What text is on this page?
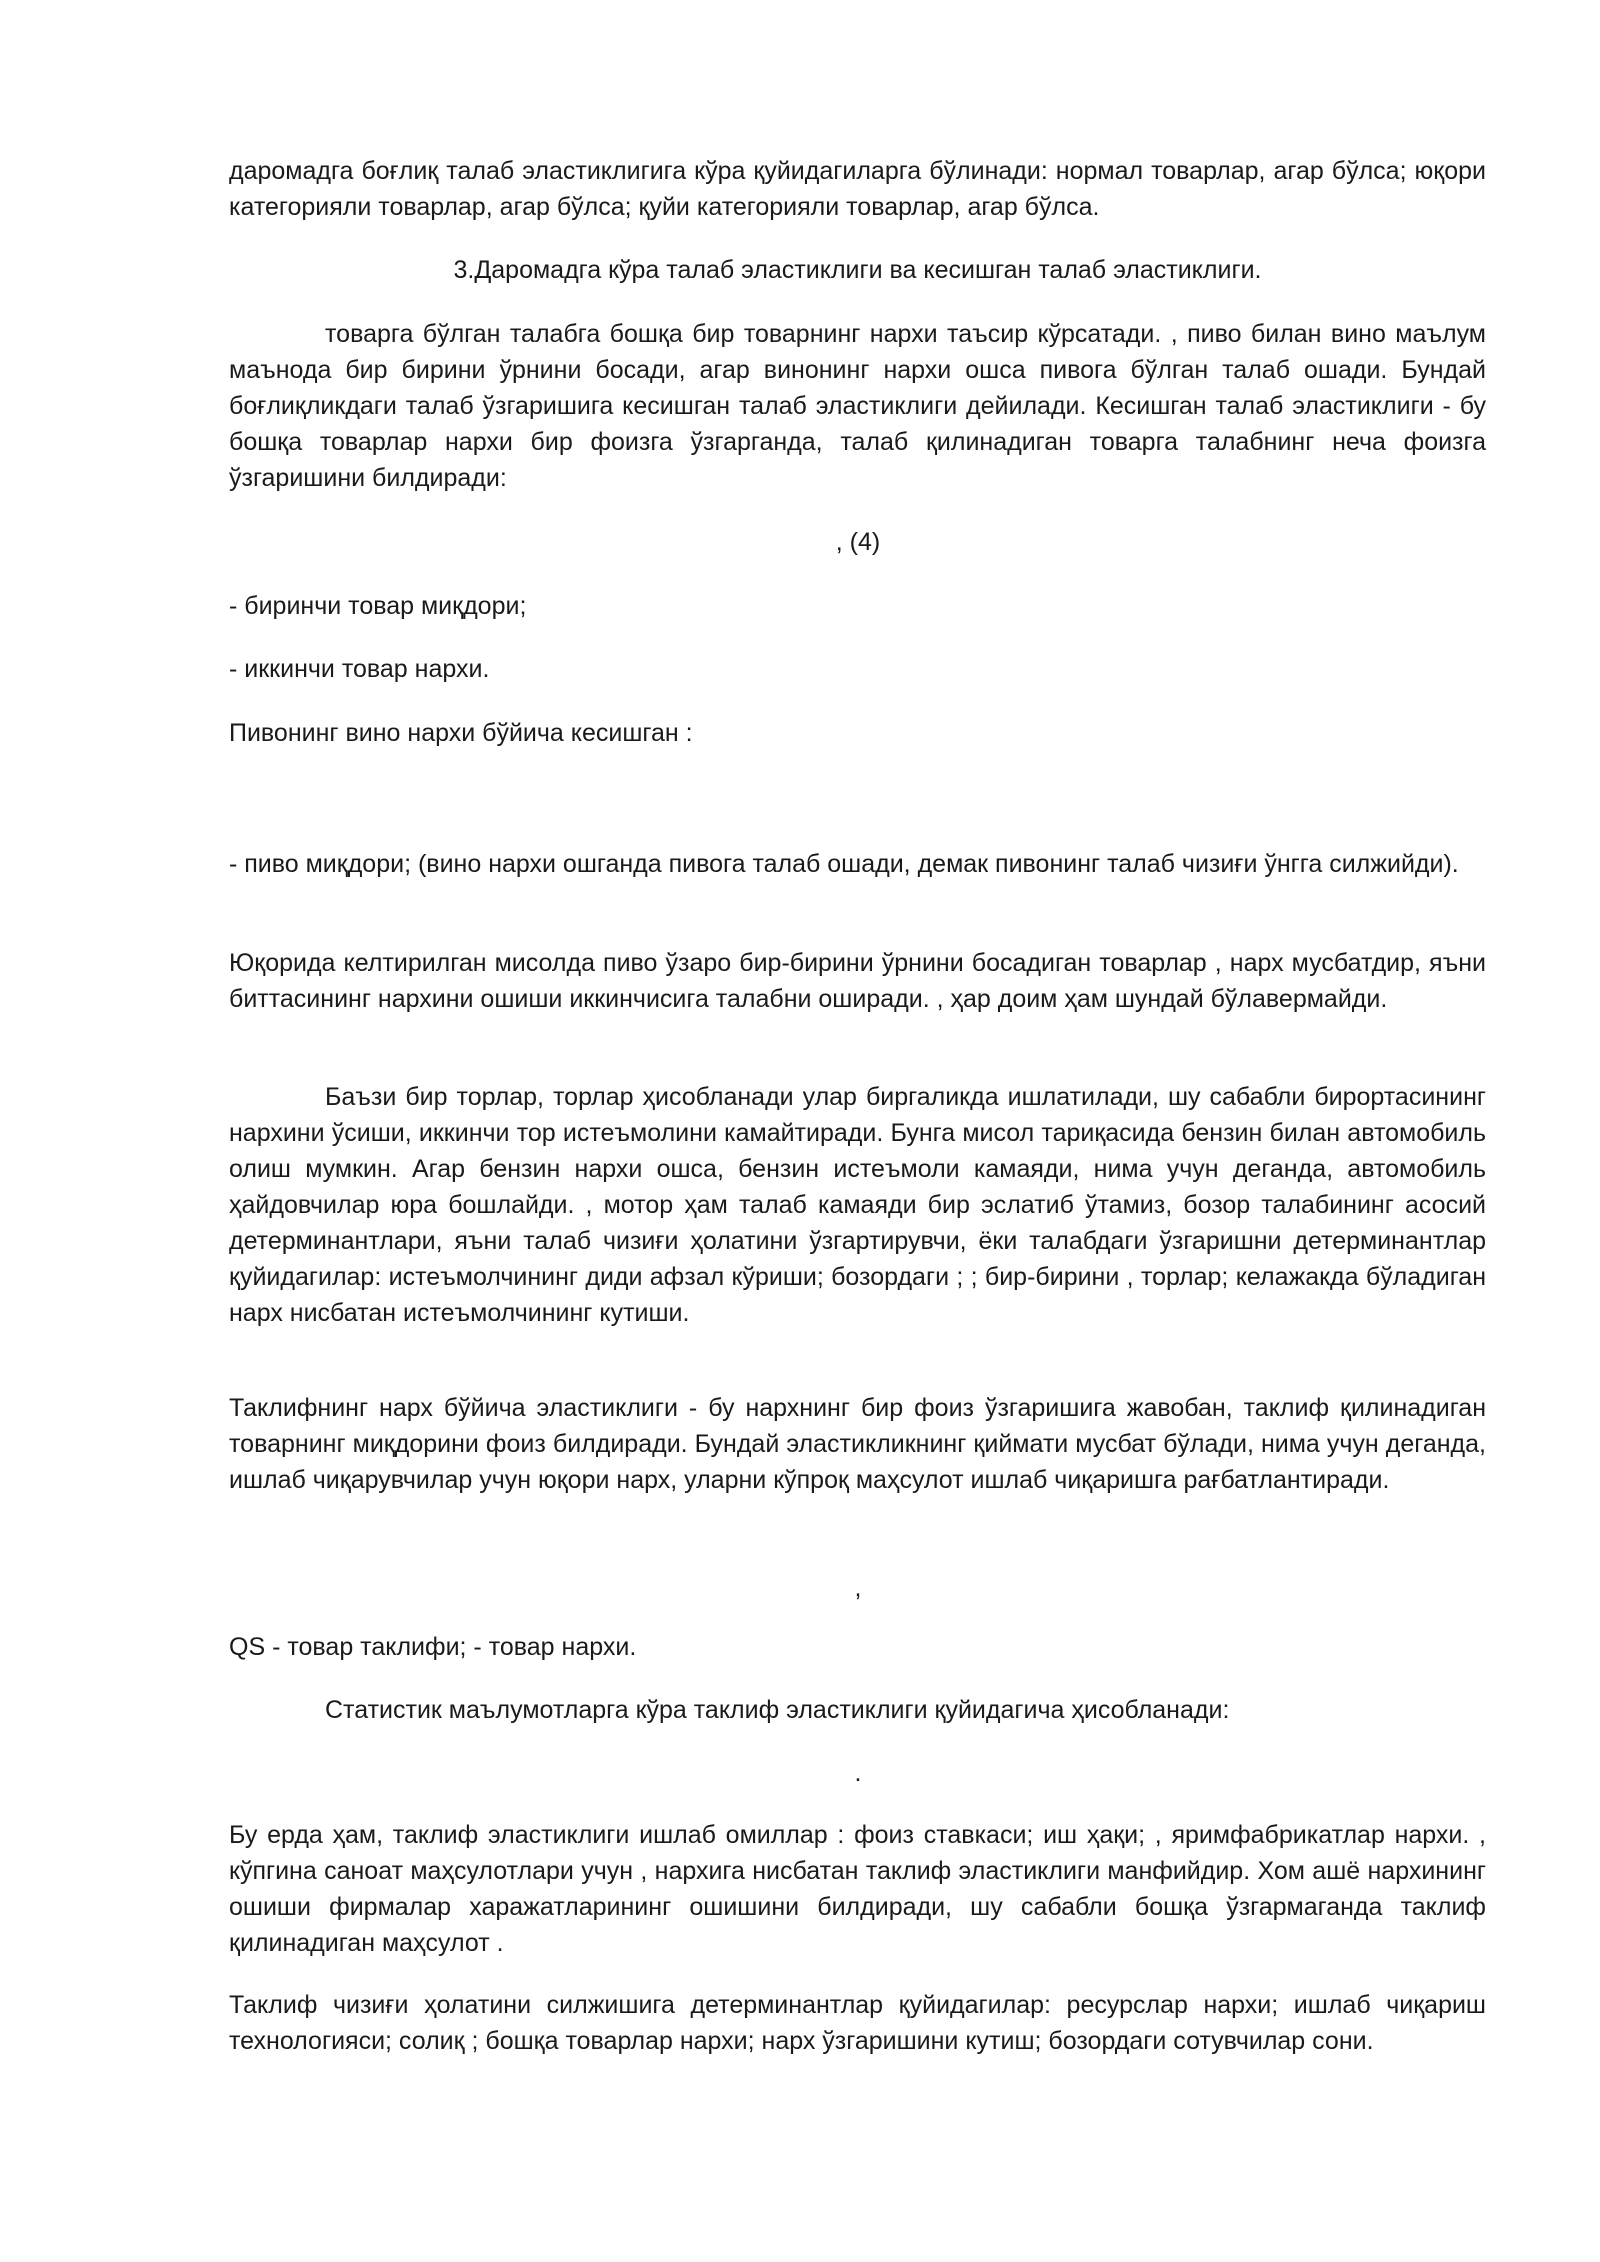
даромадга боғлиқ талаб эластиклигига кўра қуйидагиларга бўлинади: нормал товарлар, агар бўлса; юқори категорияли товарлар, агар бўлса; қуйи категорияли товарлар, агар бўлса.

3.Даромадга кўра талаб эластиклиги ва кесишган талаб эластиклиги.

товарга бўлган талабга бошқа бир товарнинг нархи таъсир кўрсатади. , пиво билан вино маълум маънода бир бирини ўрнини босади, агар винонинг нархи ошса пивога бўлган талаб ошади. Бундай боғлиқликдаги талаб ўзгаришига кесишган талаб эластиклиги дейилади. Кесишган талаб эластиклиги - бу бошқа товарлар нархи бир фоизга ўзгарганда, талаб қилинадиган товарга талабнинг неча фоизга ўзгаришини билдиради:

, (4)

- биринчи товар миқдори;

- иккинчи товар нархи.

Пивонинг вино нархи бўйича кесишган :

- пиво миқдори; (вино нархи ошганда пивога талаб ошади, демак пивонинг талаб чизиғи ўнгга силжийди).

Юқорида келтирилган мисолда пиво ўзаро бир-бирини ўрнини босадиган товарлар , нарх мусбатдир, яъни биттасининг нархини ошиши иккинчисига талабни оширади. , ҳар доим ҳам шундай бўлавермайди.

Баъзи бир торлар, торлар ҳисобланади улар биргаликда ишлатилади, шу сабабли бирортасининг нархини ўсиши, иккинчи тор истеъмолини камайтиради. Бунга мисол тариқасида бензин билан автомобиль олиш мумкин. Агар бензин нархи ошса, бензин истеъмоли камаяди, нима учун деганда, автомобиль ҳайдовчилар юра бошлайди. , мотор ҳам талаб камаяди бир эслатиб ўтамиз, бозор талабининг асосий детерминантлари, яъни талаб чизиғи ҳолатини ўзгартирувчи, ёки талабдаги ўзгаришни детерминантлар қуйидагилар: истеъмолчининг диди афзал кўриши; бозордаги ; ; бир-бирини , торлар; келажакда бўладиган нарх нисбатан истеъмолчининг кутиши.

Таклифнинг нарх бўйича эластиклиги - бу нархнинг бир фоиз ўзгаришига жавобан, таклиф қилинадиган товарнинг миқдорини фоиз билдиради. Бундай эластикликнинг қиймати мусбат бўлади, нима учун деганда, ишлаб чиқарувчилар учун юқори нарх, уларни кўпроқ маҳсулот ишлаб чиқаришга рағбатлантиради.

,

QS - товар таклифи; - товар нархи.

Статистик маълумотларга кўра таклиф эластиклиги қуйидагича ҳисобланади:

.

Бу ерда ҳам, таклиф эластиклиги ишлаб омиллар : фоиз ставкаси; иш ҳақи; , яримфабрикатлар нархи. , кўпгина саноат маҳсулотлари учун , нархига нисбатан таклиф эластиклиги манфийдир. Хом ашё нархининг ошиши фирмалар харажатларининг ошишини билдиради, шу сабабли бошқа ўзгармаганда таклиф қилинадиган маҳсулот .

Таклиф чизиғи ҳолатини силжишига детерминантлар қуйидагилар: ресурслар нархи; ишлаб чиқариш технологияси; солиқ ; бошқа товарлар нархи; нарх ўзгаришини кутиш; бозордаги сотувчилар сони.
